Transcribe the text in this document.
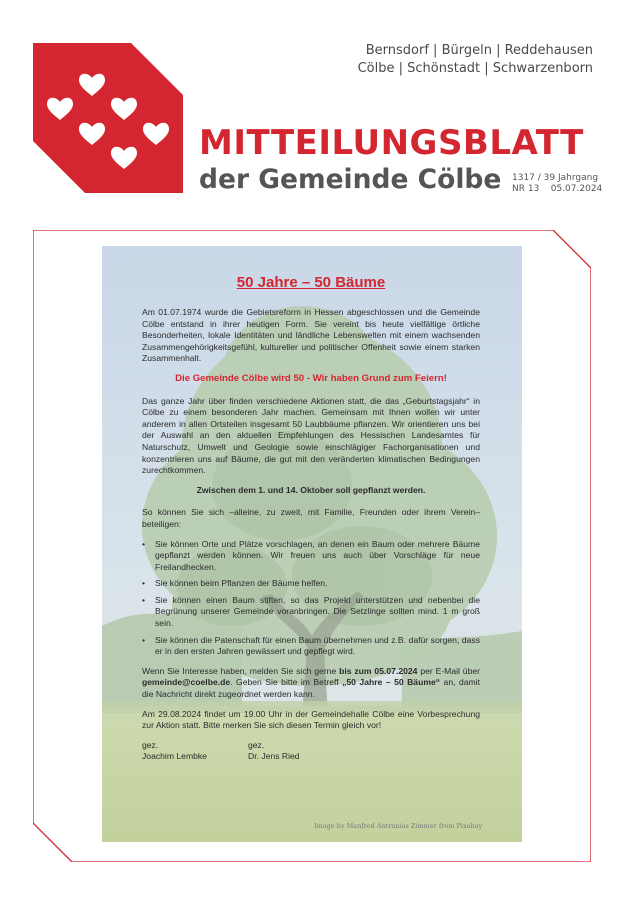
Bernsdorf | Bürgeln | Reddehausen
Cölbe | Schönstadt | Schwarzenborn
MITTEILUNGSBLATT
der Gemeinde Cölbe 1317 / 39 Jahrgang
NR 13    05.07.2024
50 Jahre – 50 Bäume

Am 01.07.1974 wurde die Gebietsreform in Hessen abgeschlossen und die Gemeinde Cölbe entstand in ihrer heutigen Form. Sie vereint bis heute vielfältige örtliche Besonderheiten, lokale Identitäten und ländliche Lebenswelten mit einem wachsenden Zusammengehörigkeitsgefühl, kultureller und politischer Offenheit sowie einem starken Zusammenhalt.

Die Gemeinde Cölbe wird 50 - Wir haben Grund zum Feiern!

Das ganze Jahr über finden verschiedene Aktionen statt, die das „Geburtstagsjahr“ in Cölbe zu einem besonderen Jahr machen. Gemeinsam mit Ihnen wollen wir unter anderem in allen Ortsteilen insgesamt 50 Laubbäume pflanzen. Wir orientieren uns bei der Auswahl an den aktuellen Empfehlungen des Hessischen Landesamtes für Naturschutz, Umwelt und Geologie sowie einschlägiger Fachorganisationen und konzentrieren uns auf Bäume, die gut mit den veränderten klimatischen Bedingungen zurechtkommen.

Zwischen dem 1. und 14. Oktober soll gepflanzt werden.

So können Sie sich –alleine, zu zweit, mit Familie, Freunden oder ihrem Verein– beteiligen:

• Sie können Orte und Plätze vorschlagen, an denen ein Baum oder mehrere Bäume gepflanzt werden können. Wir freuen uns auch über Vorschläge für neue Freilandhecken.
• Sie können beim Pflanzen der Bäume helfen.
• Sie können einen Baum stiften, so das Projekt unterstützen und nebenbei die Begrünung unserer Gemeinde voranbringen. Die Setzlinge sollten mind. 1 m groß sein.
• Sie können die Patenschaft für einen Baum übernehmen und z.B. dafür sorgen, dass er in den ersten Jahren gewässert und gepflegt wird.

Wenn Sie Interesse haben, melden Sie sich gerne bis zum 05.07.2024 per E-Mail über gemeinde@coelbe.de. Geben Sie bitte im Betreff „50 Jahre – 50 Bäume“ an, damit die Nachricht direkt zugeordnet werden kann.

Am 29.08.2024 findet um 19.00 Uhr in der Gemeindehalle Cölbe eine Vorbesprechung zur Aktion statt. Bitte merken Sie sich diesen Termin gleich vor!

gez.
Joachim Lembke
gez.
Dr. Jens Ried
Image by Manfred Antranias Zimmer from Pixabay
